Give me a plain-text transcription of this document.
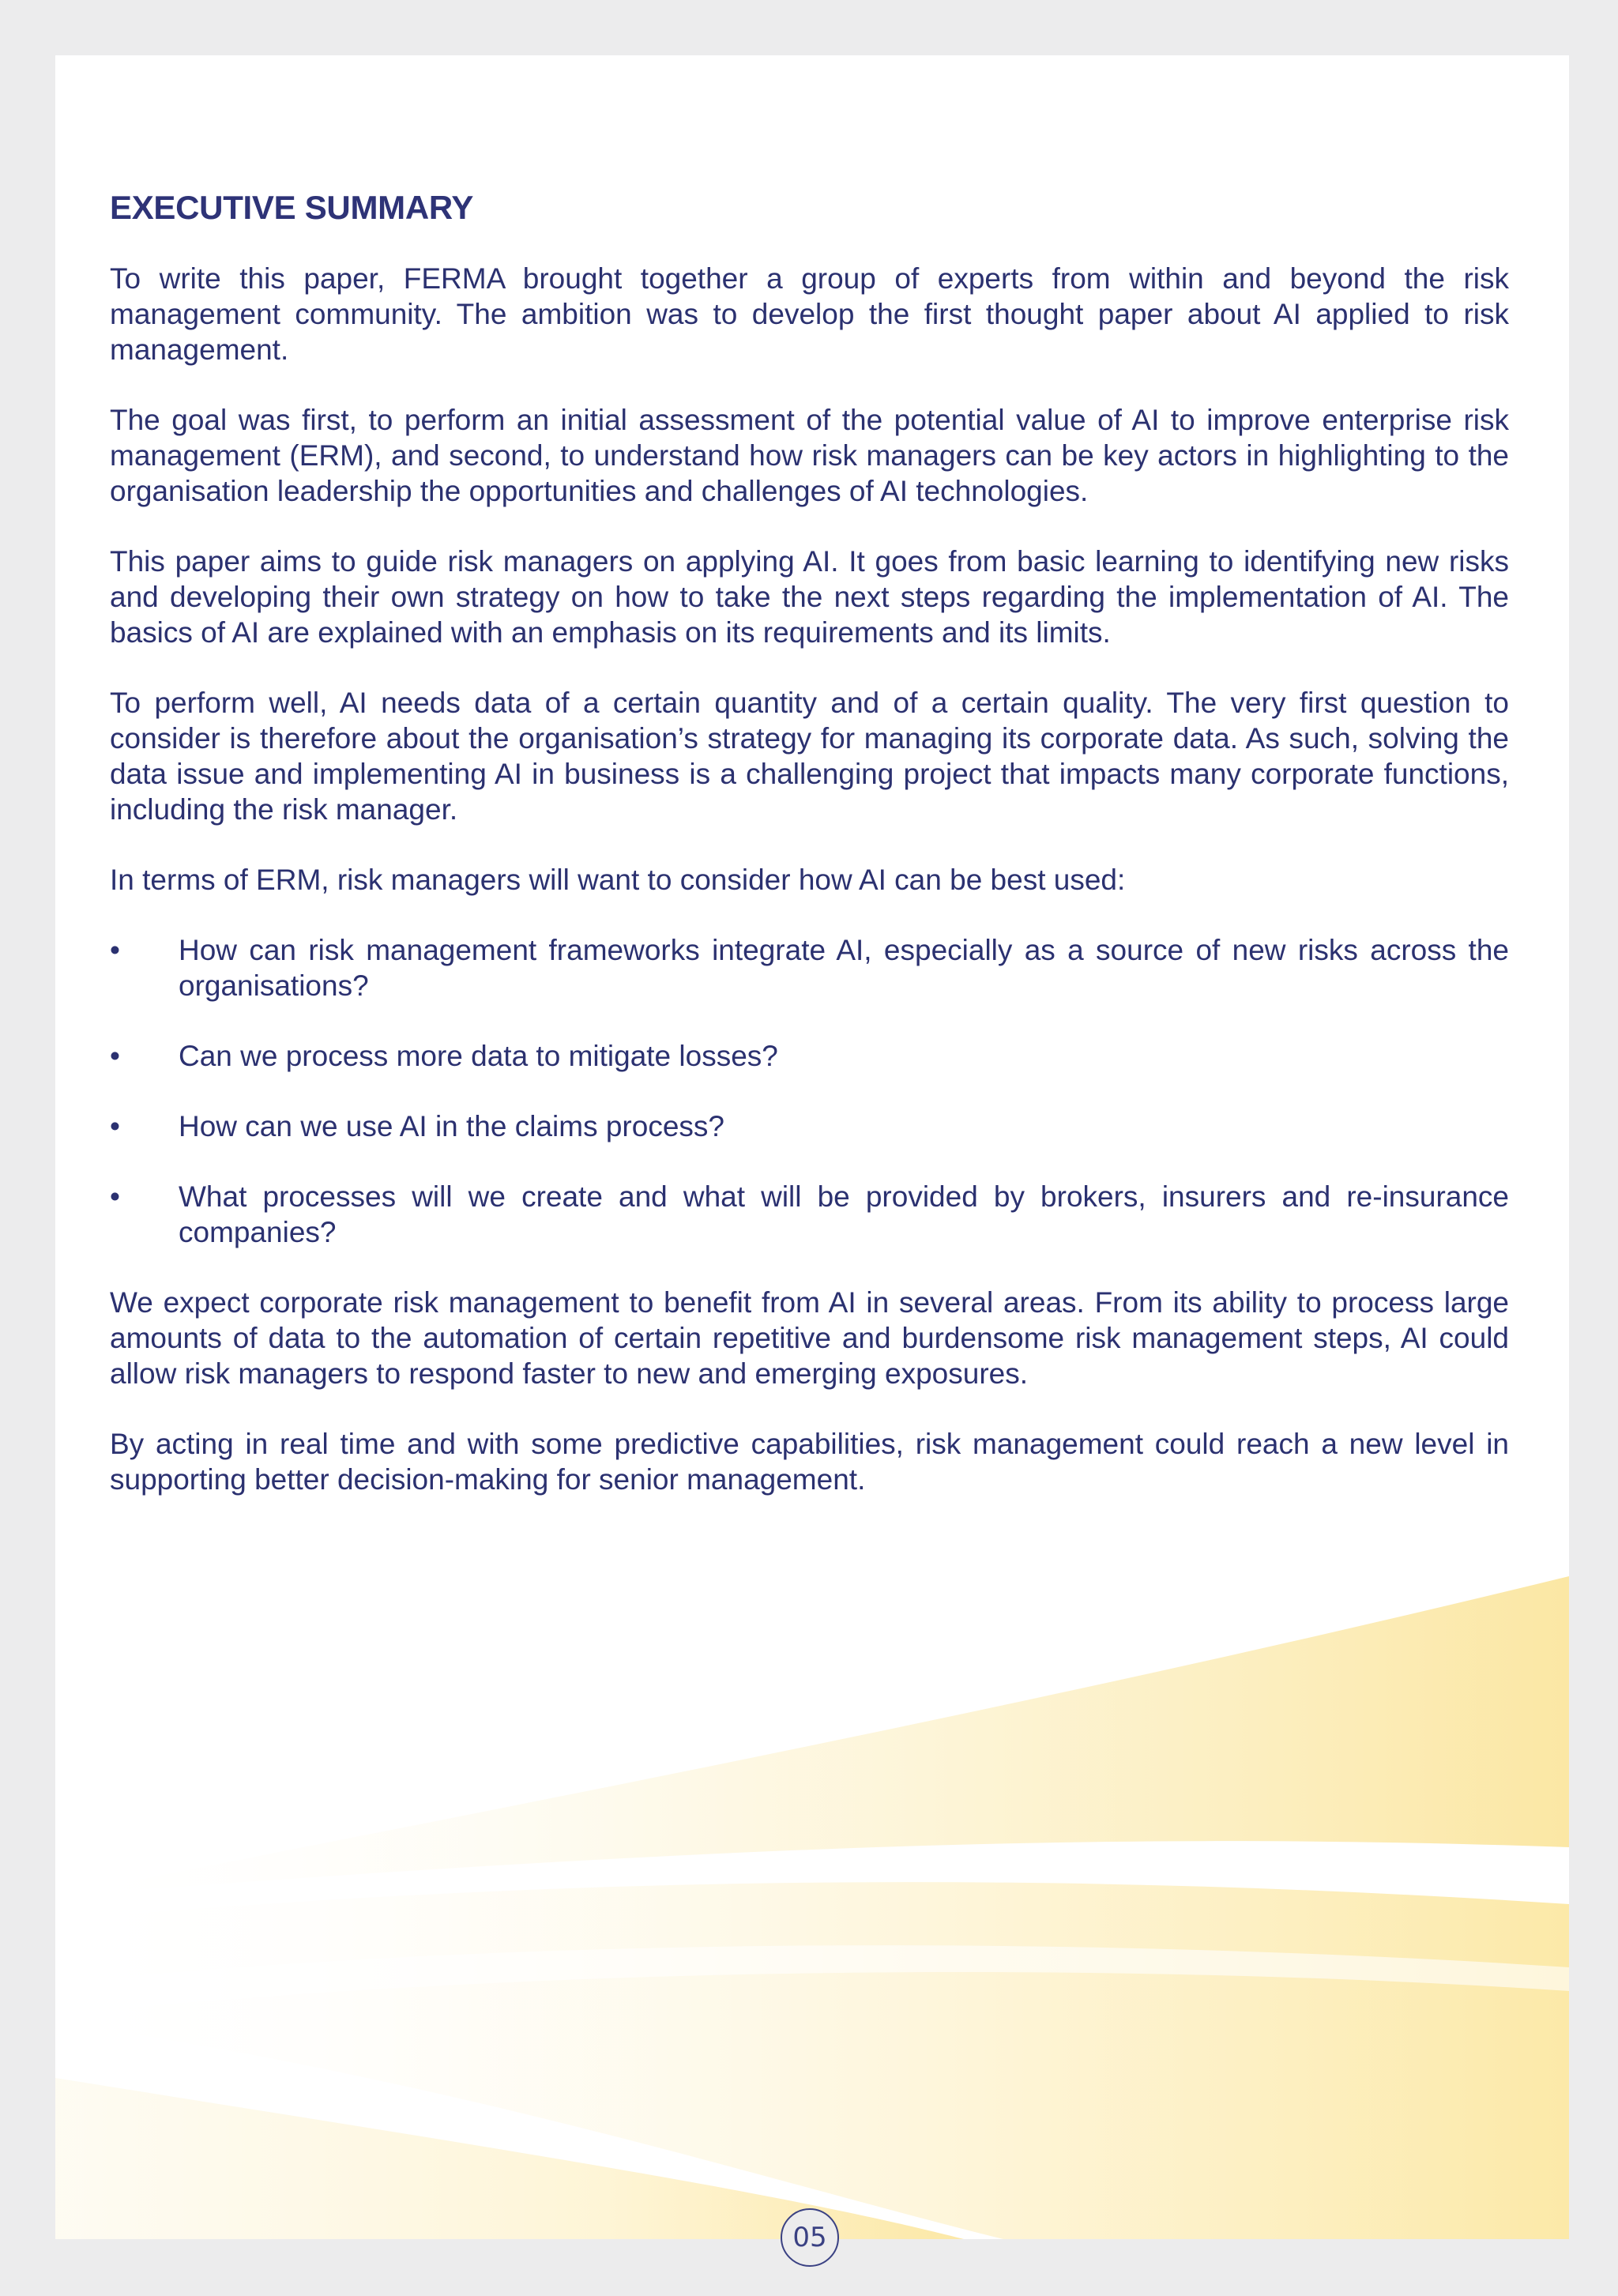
EXECUTIVE SUMMARY

To write this paper, FERMA brought together a group of experts from within and beyond the risk management community. The ambition was to develop the first thought paper about AI applied to risk management.

The goal was first, to perform an initial assessment of the potential value of AI to improve enterprise risk management (ERM), and second, to understand how risk managers can be key actors in highlighting to the organisation leadership the opportunities and challenges of AI technologies.

This paper aims to guide risk managers on applying AI. It goes from basic learning to identifying new risks and developing their own strategy on how to take the next steps regarding the implementation of AI. The basics of AI are explained with an emphasis on its requirements and its limits.

To perform well, AI needs data of a certain quantity and of a certain quality. The very first question to consider is therefore about the organisation’s strategy for managing its corporate data. As such, solving the data issue and implementing AI in business is a challenging project that impacts many corporate functions, including the risk manager.

In terms of ERM, risk managers will want to consider how AI can be best used:

•	How can risk management frameworks integrate AI, especially as a source of new risks across the organisations?
•	Can we process more data to mitigate losses?
•	How can we use AI in the claims process?
•	What processes will we create and what will be provided by brokers, insurers and re-insurance companies?

We expect corporate risk management to benefit from AI in several areas. From its ability to process large amounts of data to the automation of certain repetitive and burdensome risk management steps, AI could allow risk managers to respond faster to new and emerging exposures.

By acting in real time and with some predictive capabilities, risk management could reach a new level in supporting better decision-making for senior management.

05
